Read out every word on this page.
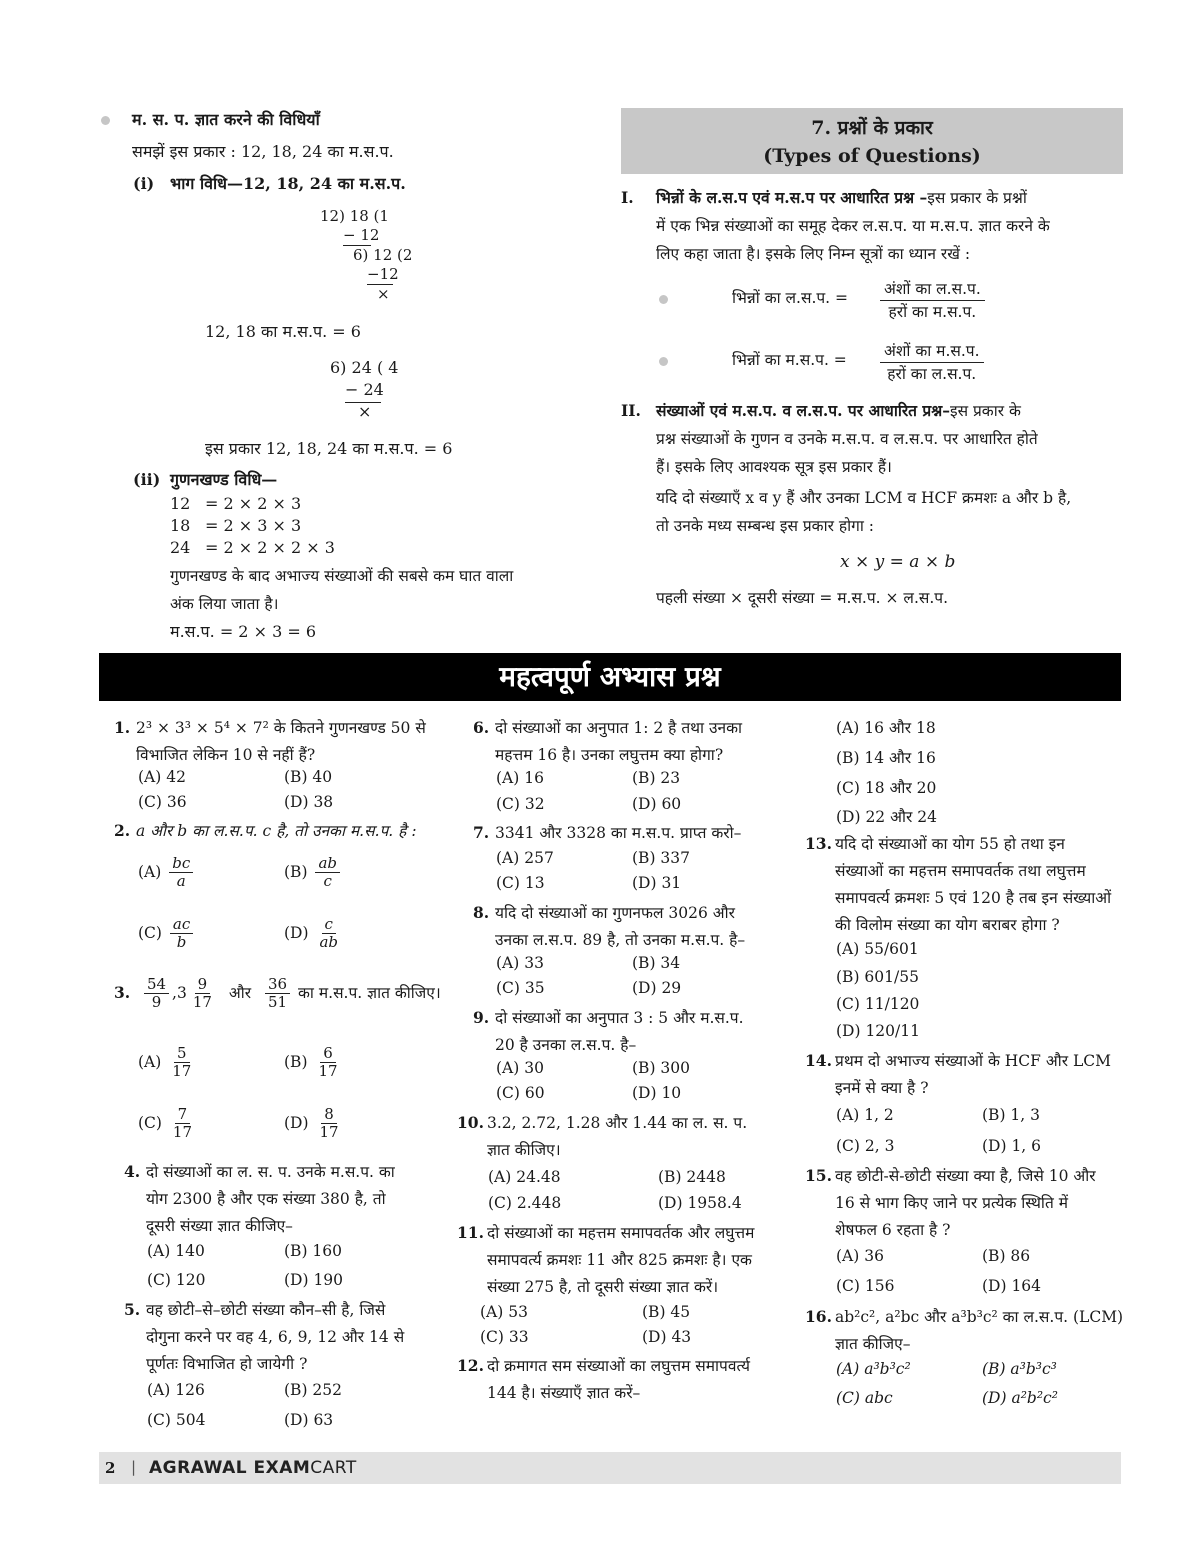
म. स. प. ज्ञात करने की विधियाँ
समझें इस प्रकार : 12, 18, 24 का म.स.प.
(i) भाग विधि—12, 18, 24 का म.स.प.
12) 18 (1
− 12
6) 12 (2
−12
×
12, 18 का म.स.प. = 6
6) 24 ( 4
− 24
×
इस प्रकार 12, 18, 24 का म.स.प. = 6
(ii) गुणनखण्ड विधि—
12 = 2 × 2 × 3
18 = 2 × 3 × 3
24 = 2 × 2 × 2 × 3
गुणनखण्ड के बाद अभाज्य संख्याओं की सबसे कम घात वाला
अंक लिया जाता है।
म.स.प. = 2 × 3 = 6
7. प्रश्नों के प्रकार
(Types of Questions)
I. भिन्नों के ल.स.प एवं म.स.प पर आधारित प्रश्न –इस प्रकार के प्रश्नों
में एक भिन्न संख्याओं का समूह देकर ल.स.प. या म.स.प. ज्ञात करने के
लिए कहा जाता है। इसके लिए निम्न सूत्रों का ध्यान रखें :
भिन्नों का ल.स.प. = अंशों का ल.स.प.
हरों का म.स.प.
भिन्नों का म.स.प. = अंशों का म.स.प.
हरों का ल.स.प.
II. संख्याओं एवं म.स.प. व ल.स.प. पर आधारित प्रश्न–इस प्रकार के
प्रश्न संख्याओं के गुणन व उनके म.स.प. व ल.स.प. पर आधारित होते
हैं। इसके लिए आवश्यक सूत्र इस प्रकार हैं।
यदि दो संख्याएँ x व y हैं और उनका LCM व HCF क्रमशः a और b है,
तो उनके मध्य सम्बन्ध इस प्रकार होगा :
x × y = a × b
पहली संख्या × दूसरी संख्या = म.स.प. × ल.स.प.
महत्वपूर्ण अभ्यास प्रश्न
1. 2³ × 3³ × 5⁴ × 7² के कितने गुणनखण्ड 50 से
विभाजित लेकिन 10 से नहीं हैं?
(A) 42	(B) 40
(C) 36	(D) 38
2. a और b का ल.स.प. c है, तो उनका म.स.प. है :
$(A) \frac{bc}{a}$	$(B) \frac{ab}{c}$
$(C) \frac{ac}{b}$	$(D) \frac{c}{ab}$
3. $\frac{54}{9} ,3 \frac{9}{17}$ और $\frac{36}{51}$ का म.स.प. ज्ञात कीजिए।
$(A) \frac{5}{17}$	$(B) \frac{6}{17}$
$(C) \frac{7}{17}$	$(D) \frac{8}{17}$
4. दो संख्याओं का ल. स. प. उनके म.स.प. का
योग 2300 है और एक संख्या 380 है, तो
दूसरी संख्या ज्ञात कीजिए–
(A) 140	(B) 160
(C) 120	(D) 190
5. वह छोटी–से–छोटी संख्या कौन–सी है, जिसे
दोगुना करने पर वह 4, 6, 9, 12 और 14 से
पूर्णतः विभाजित हो जायेगी ?
(A) 126	(B) 252
(C) 504	(D) 63
6. दो संख्याओं का अनुपात 1: 2 है तथा उनका
महत्तम 16 है। उनका लघुत्तम क्या होगा?
(A) 16	(B) 23
(C) 32	(D) 60
7. 3341 और 3328 का म.स.प. प्राप्त करो–
(A) 257	(B) 337
(C) 13	(D) 31
8. यदि दो संख्याओं का गुणनफल 3026 और
उनका ल.स.प. 89 है, तो उनका म.स.प. है–
(A) 33	(B) 34
(C) 35	(D) 29
9. दो संख्याओं का अनुपात 3 : 5 और म.स.प.
20 है उनका ल.स.प. है–
(A) 30	(B) 300
(C) 60	(D) 10
10. 3.2, 2.72, 1.28 और 1.44 का ल. स. प.
ज्ञात कीजिए।
(A) 24.48	(B) 2448
(C) 2.448	(D) 1958.4
11. दो संख्याओं का महत्तम समापवर्तक और लघुत्तम
समापवर्त्य क्रमशः 11 और 825 क्रमशः है। एक
संख्या 275 है, तो दूसरी संख्या ज्ञात करें।
(A) 53	(B) 45
(C) 33	(D) 43
12. दो क्रमागत सम संख्याओं का लघुत्तम समापवर्त्य
144 है। संख्याएँ ज्ञात करें–
(A) 16 और 18
(B) 14 और 16
(C) 18 और 20
(D) 22 और 24
13. यदि दो संख्याओं का योग 55 हो तथा इन
संख्याओं का महत्तम समापवर्तक तथा लघुत्तम
समापवर्त्य क्रमशः 5 एवं 120 है तब इन संख्याओं
की विलोम संख्या का योग बराबर होगा ?
(A) 55/601
(B) 601/55
(C) 11/120
(D) 120/11
14. प्रथम दो अभाज्य संख्याओं के HCF और LCM
इनमें से क्या है ?
(A) 1, 2	(B) 1, 3
(C) 2, 3	(D) 1, 6
15. वह छोटी-से-छोटी संख्या क्या है, जिसे 10 और
16 से भाग किए जाने पर प्रत्येक स्थिति में
शेषफल 6 रहता है ?
(A) 36	(B) 86
(C) 156	(D) 164
16. ab²c², a²bc और a³b³c² का ल.स.प. (LCM)
ज्ञात कीजिए–
(A) a³b³c²	(B) a³b³c³
(C) abc	(D) a²b²c²
2 | AGRAWAL EXAMCART
